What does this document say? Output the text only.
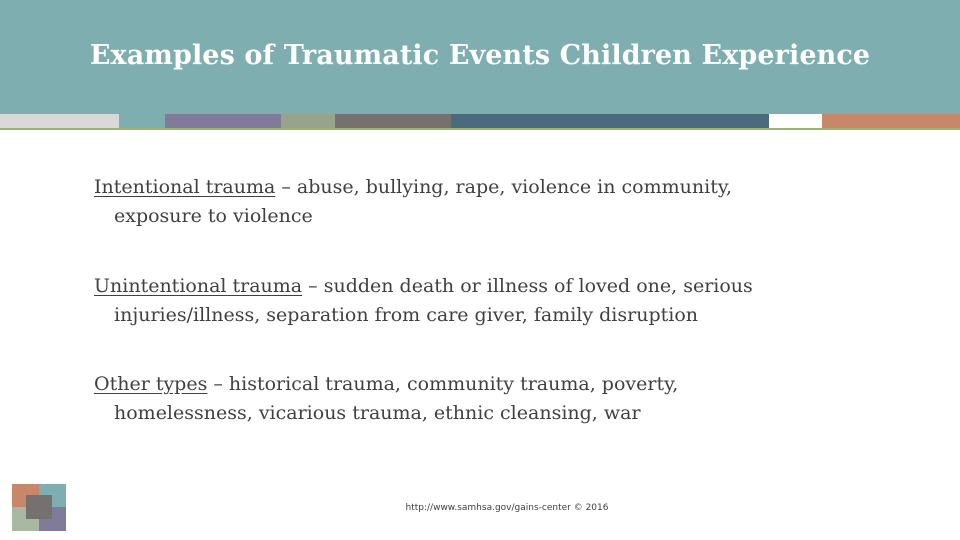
Examples of Traumatic Events Children Experience
Intentional trauma – abuse, bullying, rape, violence in community,
exposure to violence
Unintentional trauma – sudden death or illness of loved one, serious
injuries/illness, separation from care giver, family disruption
Other types – historical trauma, community trauma, poverty,
homelessness, vicarious trauma, ethnic cleansing, war
http://www.samhsa.gov/gains-center © 2016
